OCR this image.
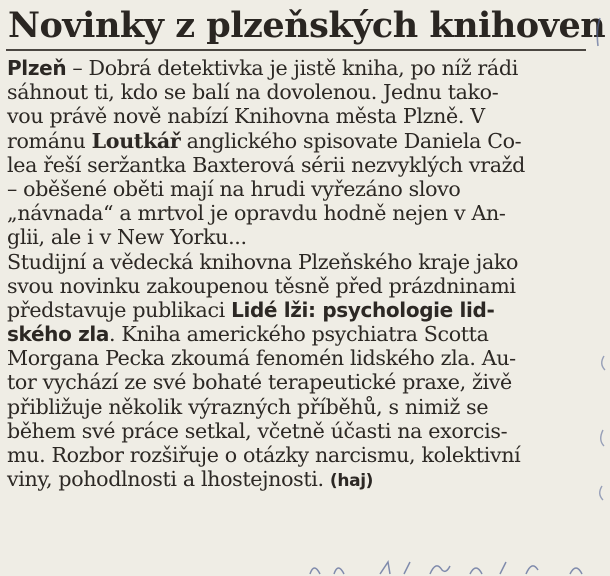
Novinky z plzeňských knihoven
Plzeň – Dobrá detektivka je jistě kniha, po níž rádi
sáhnout ti, kdo se balí na dovolenou. Jednu tako-
vou právě nově nabízí Knihovna města Plzně. V
románu Loutkář anglického spisovate Daniela Co-
lea řeší seržantka Baxterová sérii nezvyklých vražd
– oběšené oběti mají na hrudi vyřezáno slovo
„návnada“ a mrtvol je opravdu hodně nejen v An-
glii, ale i v New Yorku...
Studijní a vědecká knihovna Plzeňského kraje jako
svou novinku zakoupenou těsně před prázdninami
představuje publikaci Lidé lži: psychologie lid-
ského zla. Kniha amerického psychiatra Scotta
Morgana Pecka zkoumá fenomén lidského zla. Au-
tor vychází ze své bohaté terapeutické praxe, živě
přibližuje několik výrazných příběhů, s nimiž se
během své práce setkal, včetně účasti na exorcis-
mu. Rozbor rozšiřuje o otázky narcismu, kolektivní
viny, pohodlnosti a lhostejnosti. (haj)
